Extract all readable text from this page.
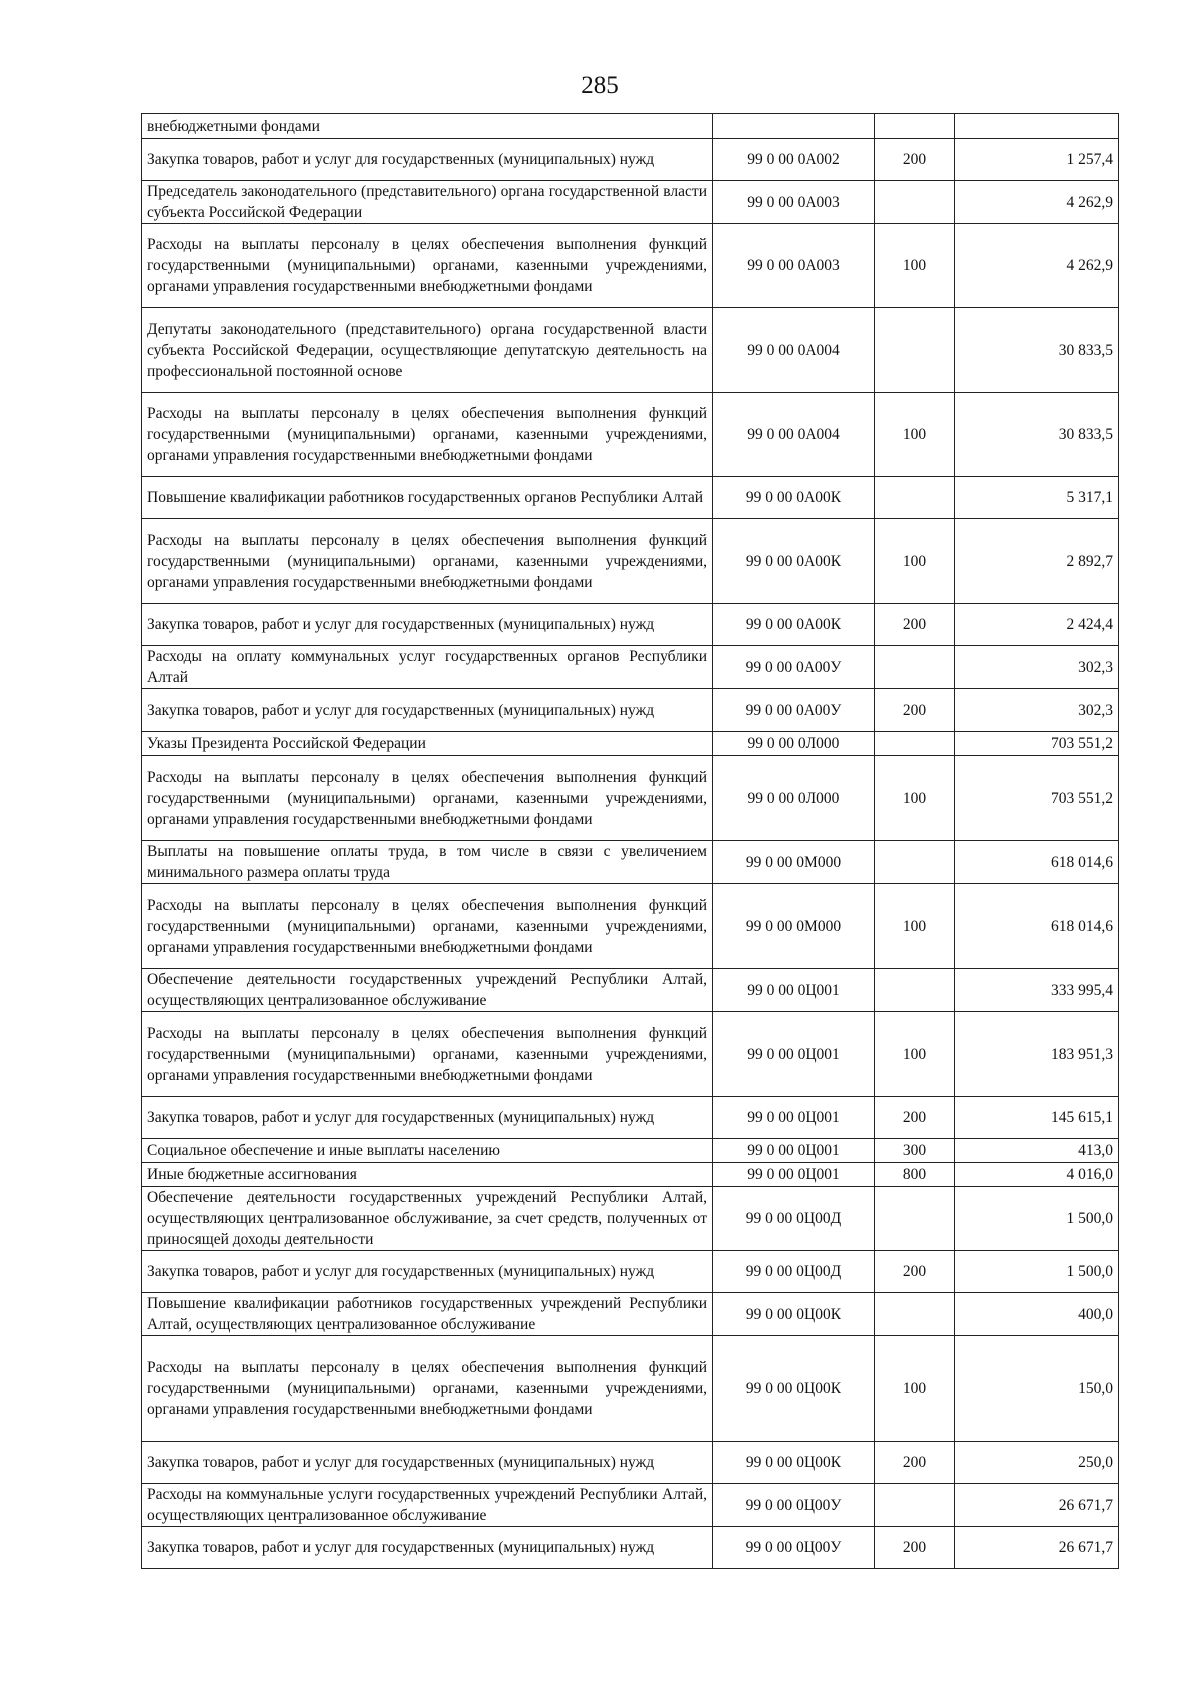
285
внебюджетными фондами			
Закупка товаров, работ и услуг для государственных (муниципальных) нужд	99 0 00 0А002	200	1 257,4
Председатель законодательного (представительного) органа государственной власти субъекта Российской Федерации	99 0 00 0А003		4 262,9
Расходы на выплаты персоналу в целях обеспечения выполнения функций государственными (муниципальными) органами, казенными учреждениями, органами управления государственными внебюджетными фондами	99 0 00 0А003	100	4 262,9
Депутаты законодательного (представительного) органа государственной власти субъекта Российской Федерации, осуществляющие депутатскую деятельность на профессиональной постоянной основе	99 0 00 0А004		30 833,5
Расходы на выплаты персоналу в целях обеспечения выполнения функций государственными (муниципальными) органами, казенными учреждениями, органами управления государственными внебюджетными фондами	99 0 00 0А004	100	30 833,5
Повышение квалификации работников государственных органов Республики Алтай	99 0 00 0А00К		5 317,1
Расходы на выплаты персоналу в целях обеспечения выполнения функций государственными (муниципальными) органами, казенными учреждениями, органами управления государственными внебюджетными фондами	99 0 00 0А00К	100	2 892,7
Закупка товаров, работ и услуг для государственных (муниципальных) нужд	99 0 00 0А00К	200	2 424,4
Расходы на оплату коммунальных услуг государственных органов Республики Алтай	99 0 00 0А00У		302,3
Закупка товаров, работ и услуг для государственных (муниципальных) нужд	99 0 00 0А00У	200	302,3
Указы Президента Российской Федерации	99 0 00 0Л000		703 551,2
Расходы на выплаты персоналу в целях обеспечения выполнения функций государственными (муниципальными) органами, казенными учреждениями, органами управления государственными внебюджетными фондами	99 0 00 0Л000	100	703 551,2
Выплаты на повышение оплаты труда, в том числе в связи с увеличением минимального размера оплаты труда	99 0 00 0М000		618 014,6
Расходы на выплаты персоналу в целях обеспечения выполнения функций государственными (муниципальными) органами, казенными учреждениями, органами управления государственными внебюджетными фондами	99 0 00 0М000	100	618 014,6
Обеспечение деятельности государственных учреждений Республики Алтай, осуществляющих централизованное обслуживание	99 0 00 0Ц001		333 995,4
Расходы на выплаты персоналу в целях обеспечения выполнения функций государственными (муниципальными) органами, казенными учреждениями, органами управления государственными внебюджетными фондами	99 0 00 0Ц001	100	183 951,3
Закупка товаров, работ и услуг для государственных (муниципальных) нужд	99 0 00 0Ц001	200	145 615,1
Социальное обеспечение и иные выплаты населению	99 0 00 0Ц001	300	413,0
Иные бюджетные ассигнования	99 0 00 0Ц001	800	4 016,0
Обеспечение деятельности государственных учреждений Республики Алтай, осуществляющих централизованное обслуживание, за счет средств, полученных от приносящей доходы деятельности	99 0 00 0Ц00Д		1 500,0
Закупка товаров, работ и услуг для государственных (муниципальных) нужд	99 0 00 0Ц00Д	200	1 500,0
Повышение квалификации работников государственных учреждений Республики Алтай, осуществляющих централизованное обслуживание	99 0 00 0Ц00К		400,0
Расходы на выплаты персоналу в целях обеспечения выполнения функций государственными (муниципальными) органами, казенными учреждениями, органами управления государственными внебюджетными фондами	99 0 00 0Ц00К	100	150,0
Закупка товаров, работ и услуг для государственных (муниципальных) нужд	99 0 00 0Ц00К	200	250,0
Расходы на коммунальные услуги государственных учреждений Республики Алтай, осуществляющих централизованное обслуживание	99 0 00 0Ц00У		26 671,7
Закупка товаров, работ и услуг для государственных (муниципальных) нужд	99 0 00 0Ц00У	200	26 671,7
